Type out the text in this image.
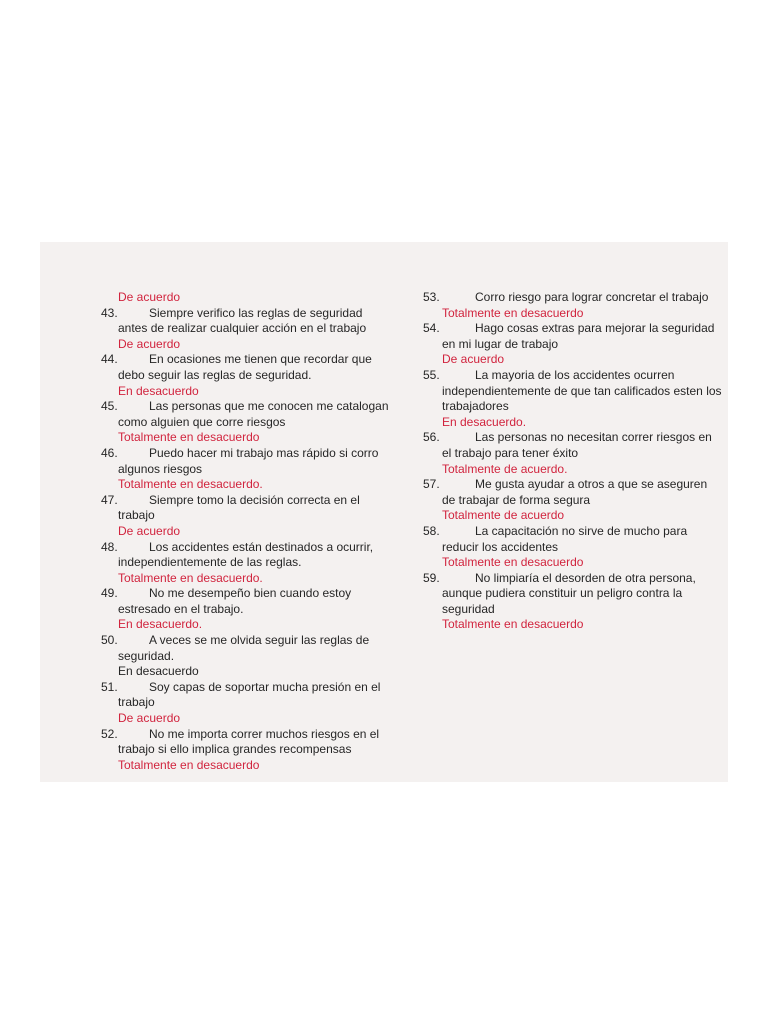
De acuerdo
43.	Siempre verifico las reglas de seguridad antes de realizar cualquier acción en el trabajo
De acuerdo
44.	En ocasiones me tienen que recordar que debo seguir las reglas de seguridad.
En desacuerdo
45.	Las personas que me conocen me catalogan como alguien que corre riesgos
Totalmente en desacuerdo
46.	Puedo hacer mi trabajo mas rápido si corro algunos riesgos
Totalmente en desacuerdo.
47.	Siempre tomo la decisión correcta en el trabajo
De acuerdo
48.	Los accidentes están destinados a ocurrir, independientemente de las reglas.
Totalmente en desacuerdo.
49.	No me desempeño bien cuando estoy estresado en el trabajo.
En desacuerdo.
50.	A veces se me olvida seguir las reglas de seguridad.
En desacuerdo
51.	Soy capas de soportar mucha presión en el trabajo
De acuerdo
52.	No me importa correr muchos riesgos en el trabajo si ello implica grandes recompensas
Totalmente en desacuerdo
53.	Corro riesgo para lograr concretar el trabajo
Totalmente en desacuerdo
54.	Hago cosas extras para mejorar la seguridad en mi lugar de trabajo
De acuerdo
55.	La mayoria de los accidentes ocurren independientemente de que tan calificados esten los trabajadores
En desacuerdo.
56.	Las personas no necesitan correr riesgos en el trabajo para tener éxito
Totalmente de acuerdo.
57.	Me gusta ayudar a otros a que se aseguren de trabajar de forma segura
Totalmente de acuerdo
58.	La capacitación no sirve de mucho para reducir los accidentes
Totalmente en desacuerdo
59.	No limpiaría el desorden de otra persona, aunque pudiera constituir un peligro contra la seguridad
Totalmente en desacuerdo
